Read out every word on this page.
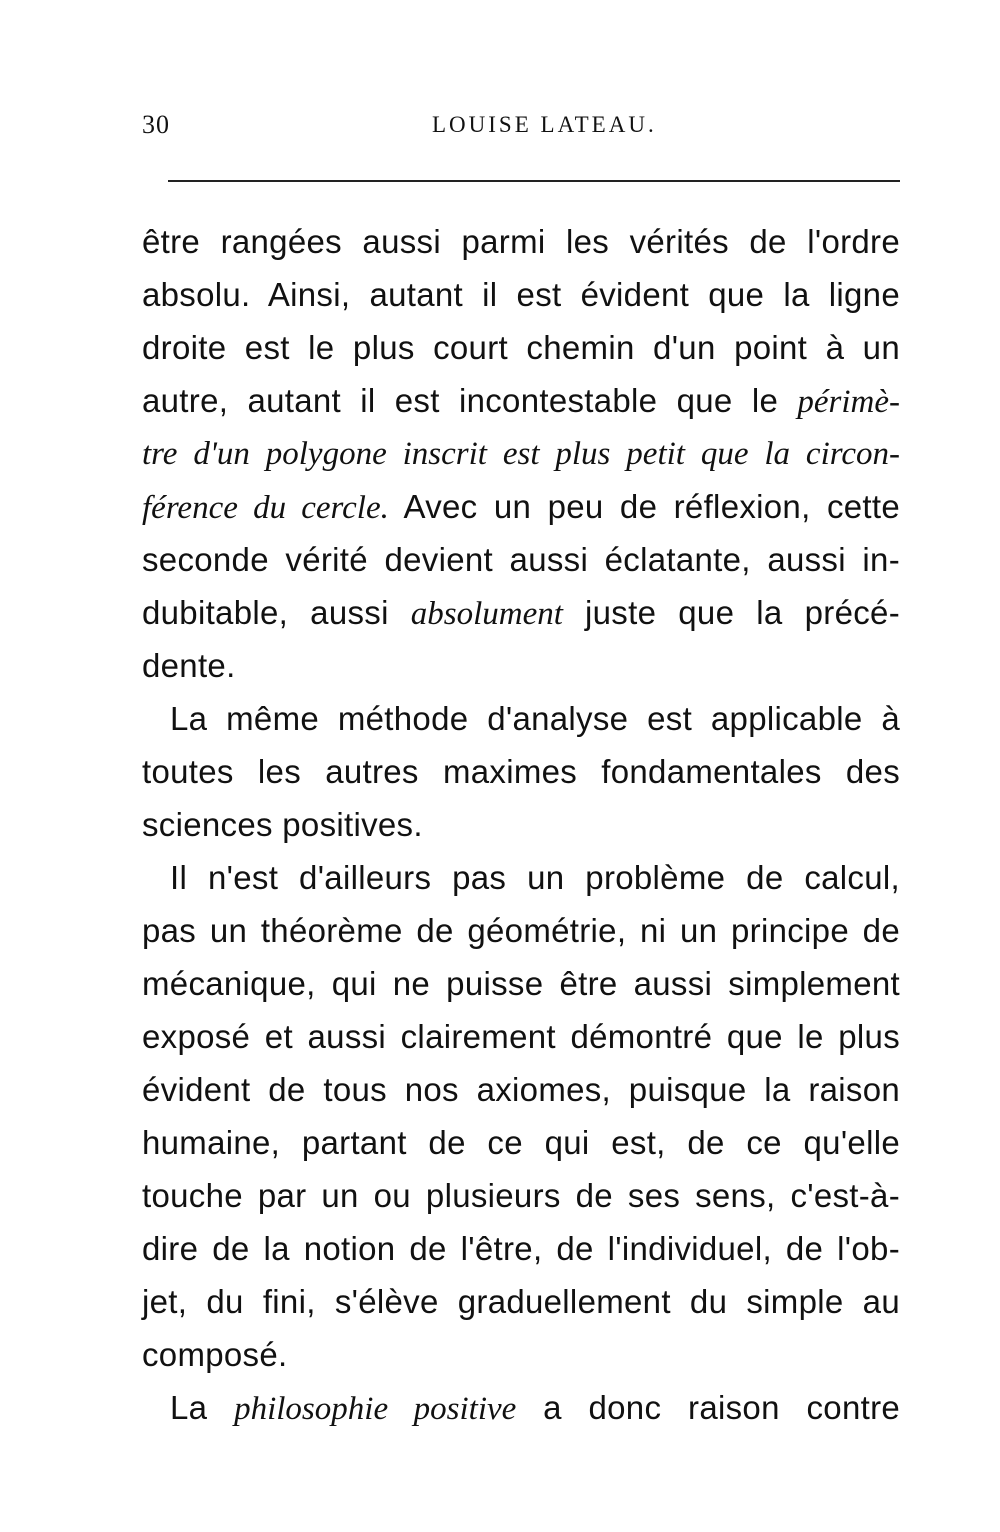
30	LOUISE LATEAU.
être rangées aussi parmi les vérités de l'ordre
absolu. Ainsi, autant il est évident que la ligne
droite est le plus court chemin d'un point à un
autre, autant il est incontestable que le périmè-
tre d'un polygone inscrit est plus petit que la circon-
férence du cercle. Avec un peu de réflexion, cette
seconde vérité devient aussi éclatante, aussi in-
dubitable, aussi absolument juste que la précé-
dente.
La même méthode d'analyse est applicable à
toutes les autres maximes fondamentales des
sciences positives.
Il n'est d'ailleurs pas un problème de calcul,
pas un théorème de géométrie, ni un principe de
mécanique, qui ne puisse être aussi simplement
exposé et aussi clairement démontré que le plus
évident de tous nos axiomes, puisque la raison
humaine, partant de ce qui est, de ce qu'elle
touche par un ou plusieurs de ses sens, c'est-à-
dire de la notion de l'être, de l'individuel, de l'ob-
jet, du fini, s'élève graduellement du simple au
composé.
La philosophie positive a donc raison contre
